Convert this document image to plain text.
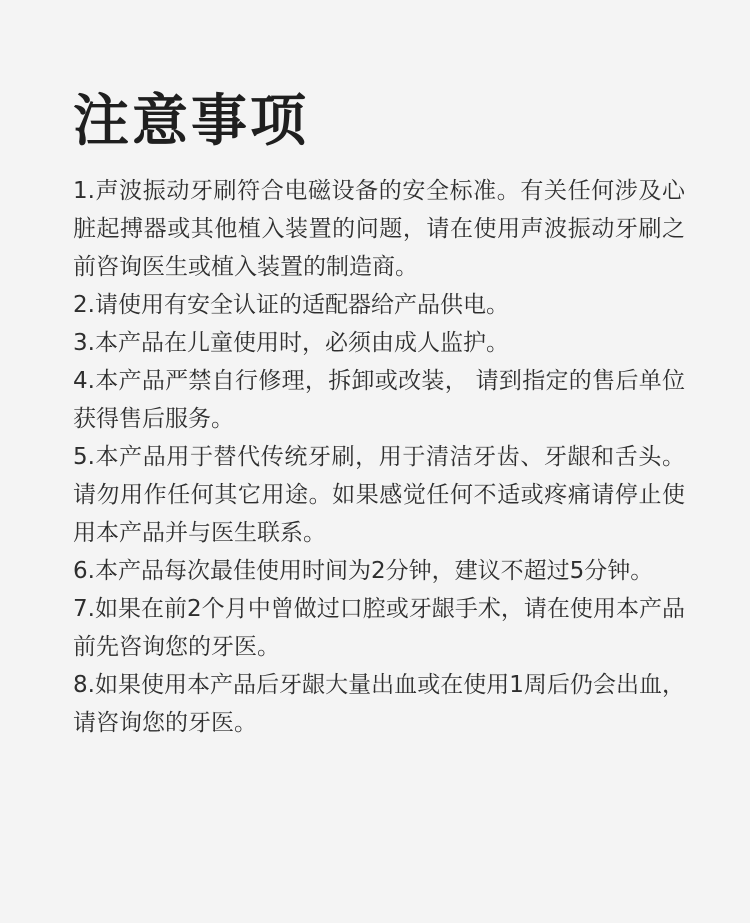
注意事项

1.声波振动牙刷符合电磁设备的安全标准。有关任何涉及心脏起搏器或其他植入装置的问题，请在使用声波振动牙刷之前咨询医生或植入装置的制造商。

2.请使用有安全认证的适配器给产品供电。

3.本产品在儿童使用时，必须由成人监护。

4.本产品严禁自行修理，拆卸或改装， 请到指定的售后单位获得售后服务。

5.本产品用于替代传统牙刷，用于清洁牙齿、牙龈和舌头。请勿用作任何其它用途。如果感觉任何不适或疼痛请停止使用本产品并与医生联系。

6.本产品每次最佳使用时间为2分钟，建议不超过5分钟。

7.如果在前2个月中曾做过口腔或牙龈手术，请在使用本产品前先咨询您的牙医。

8.如果使用本产品后牙龈大量出血或在使用1周后仍会出血，请咨询您的牙医。
